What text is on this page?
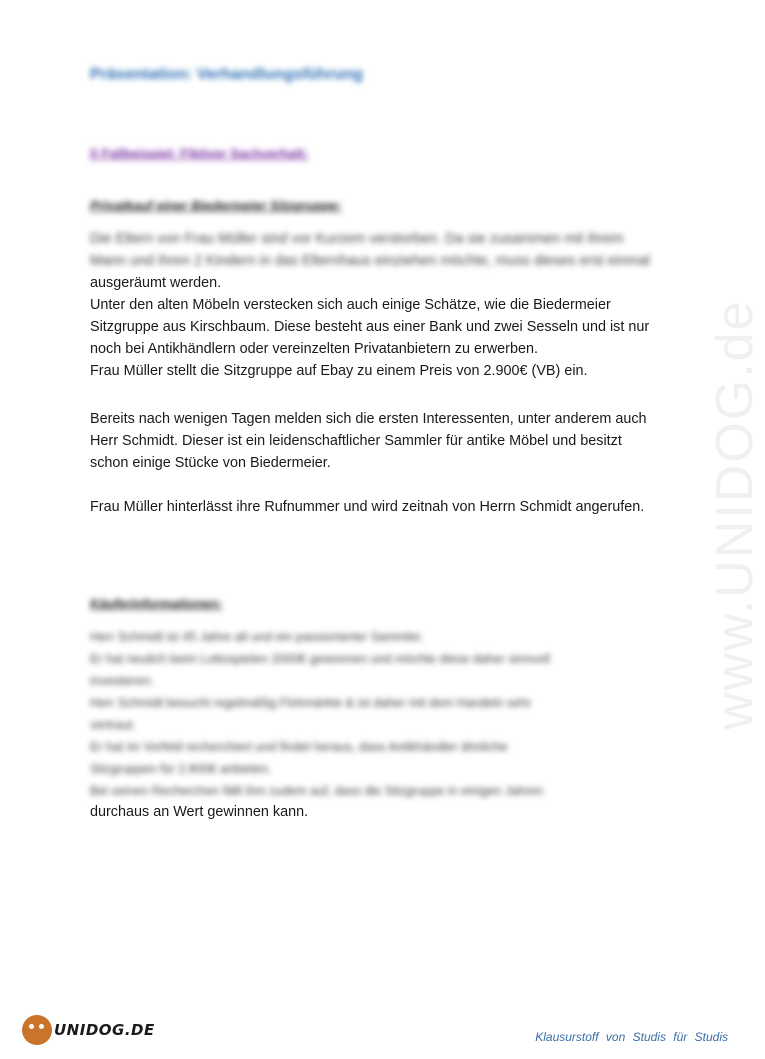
Präsentation: Verhandlungsführung
I) Fallbeispiel: Fiktiver Sachverhalt:
Privatkauf einer Biedermeier Sitzgruppe:
Die Eltern von Frau Müller sind vor Kurzem verstorben. Da sie zusammen mit ihrem
Mann und ihren 2 Kindern in das Elternhaus einziehen möchte, muss dieses erst einmal
ausgeräumt werden.
Unter den alten Möbeln verstecken sich auch einige Schätze, wie die Biedermeier
Sitzgruppe aus Kirschbaum. Diese besteht aus einer Bank und zwei Sesseln und ist nur
noch bei Antikhändlern oder vereinzelten Privatanbietern zu erwerben.
Frau Müller stellt die Sitzgruppe auf Ebay zu einem Preis von 2.900€ (VB) ein.
Bereits nach wenigen Tagen melden sich die ersten Interessenten, unter anderem auch
Herr Schmidt. Dieser ist ein leidenschaftlicher Sammler für antike Möbel und besitzt
schon einige Stücke von Biedermeier.
Frau Müller hinterlässt ihre Rufnummer und wird zeitnah von Herrn Schmidt angerufen.
Käuferinformationen:
Herr Schmidt ist 45 Jahre alt und ein passionierter Sammler.
Er hat neulich beim Lottospielen 2000€ gewonnen und möchte diese daher sinnvoll
investieren.
Herr Schmidt besucht regelmäßig Flohmärkte & ist daher mit dem Handeln sehr
vertraut.
Er hat im Vorfeld recherchiert und findet heraus, dass Antikhändler ähnliche
Sitzgruppen für 2.800€ anbieten.
Bei seinen Recherchen fällt ihm zudem auf, dass die Sitzgruppe in einigen Jahren
durchaus an Wert gewinnen kann.
www.UNIDOG.de
UNIDOG.DE	Klausurstoff von Studis für Studis
